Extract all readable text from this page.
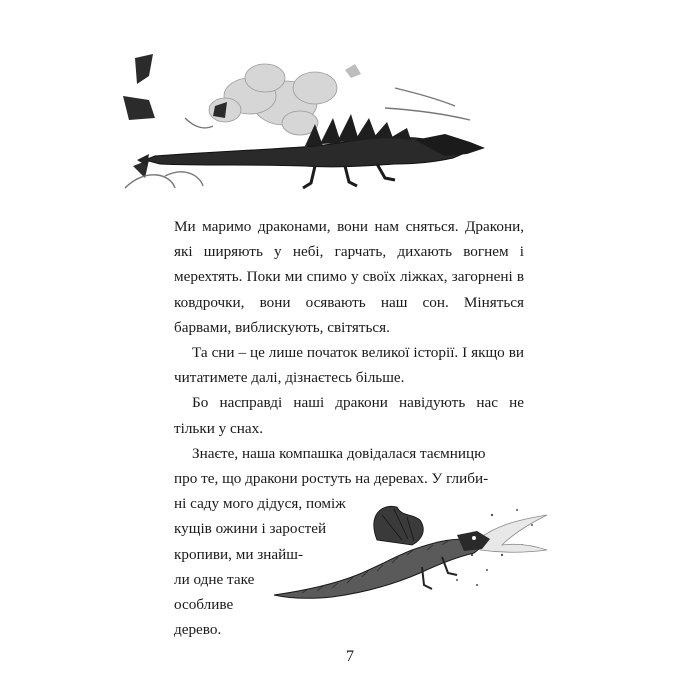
Ми маримо драконами, вони нам сняться. Дракони, які ширяють у небі, гарчать, дихають вогнем і мерехтять. Поки ми спимо у своїх ліжках, загорнені в ковдрочки, вони осявають наш сон. Міняться барвами, виблискують, світяться.

Та сни – це лише початок великої історії. І якщо ви читатимете далі, дізнаєтесь більше.

Бо насправді наші дракони навідують нас не тільки у снах.

Знаєте, наша компашка довідалася таємницю
про те, що дракони ростуть на деревах. У глиби-
ні саду мого дідуся, поміж
кущів ожини і заростей
кропиви, ми знайш-
ли одне таке
особливе
дерево.

7
